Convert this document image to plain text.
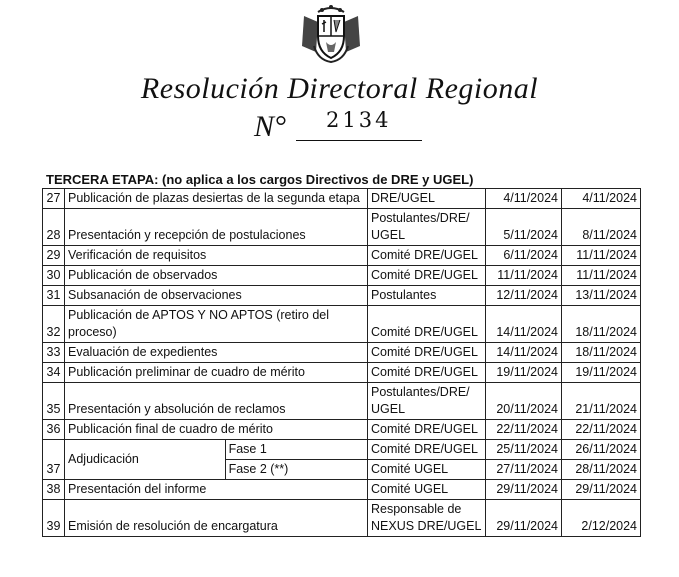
Resolución Directoral Regional
N° 2134
TERCERA ETAPA: (no aplica a los cargos Directivos de DRE y UGEL)
27	Publicación de plazas desiertas de la segunda etapa		DRE/UGEL	4/11/2024	4/11/2024
28	Presentación y recepción de postulaciones		Postulantes/DRE/ UGEL	5/11/2024	8/11/2024
29	Verificación de requisitos		Comité DRE/UGEL	6/11/2024	11/11/2024
30	Publicación de observados		Comité DRE/UGEL	11/11/2024	11/11/2024
31	Subsanación de observaciones		Postulantes	12/11/2024	13/11/2024
32	Publicación de APTOS Y NO APTOS (retiro del proceso)		Comité DRE/UGEL	14/11/2024	18/11/2024
33	Evaluación de expedientes		Comité DRE/UGEL	14/11/2024	18/11/2024
34	Publicación preliminar de cuadro de mérito		Comité DRE/UGEL	19/11/2024	19/11/2024
35	Presentación y absolución de reclamos		Postulantes/DRE/ UGEL	20/11/2024	21/11/2024
36	Publicación final de cuadro de mérito		Comité DRE/UGEL	22/11/2024	22/11/2024
37	Adjudicación	Fase 1	Comité DRE/UGEL	25/11/2024	26/11/2024
		Fase 2 (**)	Comité UGEL	27/11/2024	28/11/2024
38	Presentación del informe		Comité UGEL	29/11/2024	29/11/2024
39	Emisión de resolución de encargatura		Responsable de NEXUS DRE/UGEL	29/11/2024	2/12/2024
